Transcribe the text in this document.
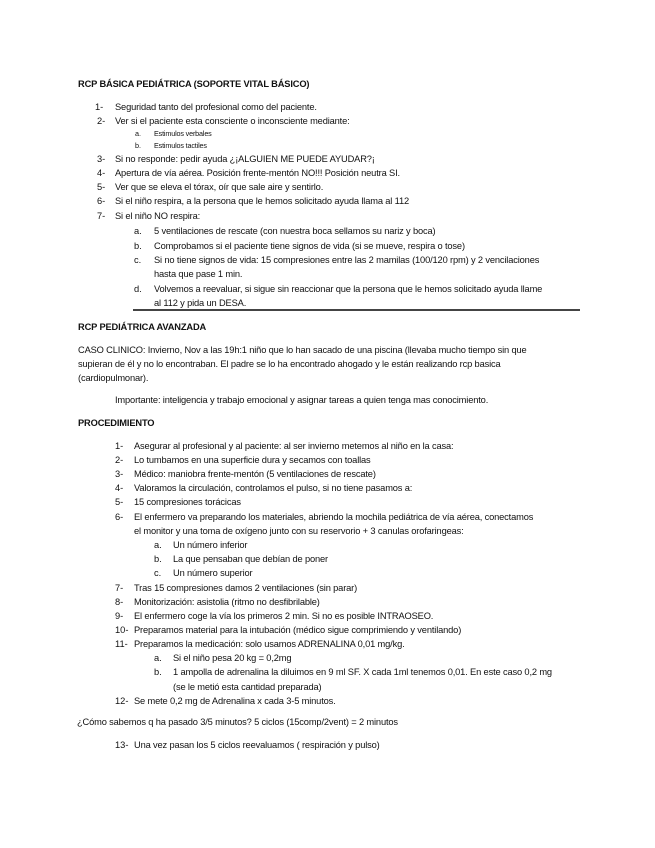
RCP BÁSICA PEDIÁTRICA (SOPORTE VITAL BÁSICO)
1- Seguridad tanto del profesional como del paciente.
2- Ver si el paciente esta consciente o inconsciente mediante:
a. Estimulos verbales
b. Estimulos tactiles
3- Si no responde: pedir ayuda ¿¡ALGUIEN ME PUEDE AYUDAR?¡
4- Apertura de vía aérea. Posición frente-mentón NO!!! Posición neutra SI.
5- Ver que se eleva el tórax, oír que sale aire y sentirlo.
6- Si el niño respira, a la persona que le hemos solicitado ayuda llama al 112
7- Si el niño NO respira:
a. 5 ventilaciones de rescate (con nuestra boca sellamos su nariz y boca)
b. Comprobamos si el paciente tiene signos de vida (si se mueve, respira o tose)
c. Si no tiene signos de vida: 15 compresiones entre las 2 mamilas (100/120 rpm) y 2 vencilaciones
hasta que pase 1 min.
d. Volvemos a reevaluar, si sigue sin reaccionar que la persona que le hemos solicitado ayuda llame
al 112 y pida un DESA.
RCP PEDIÁTRICA AVANZADA
CASO CLINICO: Invierno, Nov a las 19h:1 niño que lo han sacado de una piscina (llevaba mucho tiempo sin que
supieran de él y no lo encontraban. El padre se lo ha encontrado ahogado y le están realizando rcp basica
(cardiopulmonar).
Importante: inteligencia y trabajo emocional y asignar tareas a quien tenga mas conocimiento.
PROCEDIMIENTO
1- Asegurar al profesional y al paciente: al ser invierno metemos al niño en la casa:
2- Lo tumbamos en una superficie dura y secamos con toallas
3- Médico: maniobra frente-mentón (5 ventilaciones de rescate)
4- Valoramos la circulación, controlamos el pulso, si no tiene pasamos a:
5- 15 compresiones torácicas
6- El enfermero va preparando los materiales, abriendo la mochila pediátrica de vía aérea, conectamos
el monitor y una toma de oxígeno junto con su reservorio + 3 canulas orofaringeas:
a. Un número inferior
b. La que pensaban que debían de poner
c. Un número superior
7- Tras 15 compresiones damos 2 ventilaciones (sin parar)
8- Monitorización: asistolia (ritmo no desfibrilable)
9- El enfermero coge la vía los primeros 2 min. Si no es posible INTRAOSEO.
10- Preparamos material para la intubación (médico sigue comprimiendo y ventilando)
11- Preparamos la medicación: solo usamos ADRENALINA 0,01 mg/kg.
a. Si el niño pesa 20 kg = 0,2mg
b. 1 ampolla de adrenalina la diluimos en 9 ml SF. X cada 1ml tenemos 0,01. En este caso 0,2 mg
(se le metió esta cantidad preparada)
12- Se mete 0,2 mg de Adrenalina x cada 3-5 minutos.
¿Cómo sabemos q ha pasado 3/5 minutos? 5 ciclos (15comp/2vent) = 2 minutos
13- Una vez pasan los 5 ciclos reevaluamos ( respiración y pulso)
